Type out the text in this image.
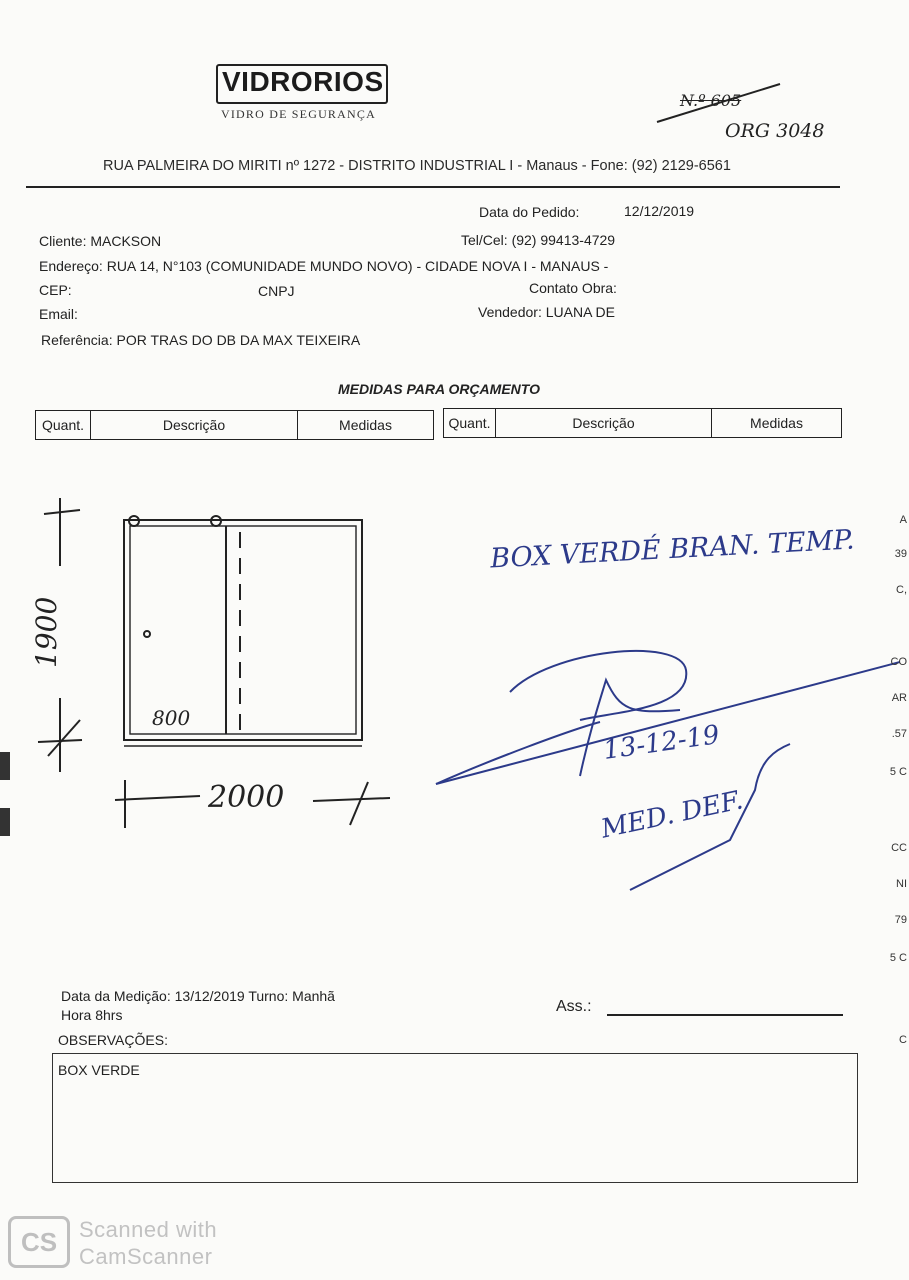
VIDRORIOS
VIDRO DE SEGURANÇA
N.º 605
ORG 3048
RUA PALMEIRA DO MIRITI nº 1272 - DISTRITO INDUSTRIAL I - Manaus - Fone: (92) 2129-6561
Data do Pedido:	12/12/2019
Cliente: MACKSON	Tel/Cel: (92) 99413-4729
Endereço: RUA 14, N°103 (COMUNIDADE MUNDO NOVO) - CIDADE NOVA I - MANAUS -
CEP:	CNPJ	Contato Obra:
Email:	Vendedor: LUANA DE
Referência: POR TRAS DO DB DA MAX TEIXEIRA
MEDIDAS PARA ORÇAMENTO
Quant.	Descrição	Medidas	Quant.	Descrição	Medidas
1900
2000
800
BOX VERDÉ BRAN. TEMP.
13-12-19
MED. DEF.
Data da Medição: 13/12/2019 Turno: Manhã
Hora 8hrs	Ass.:
OBSERVAÇÕES:
BOX VERDE
A
39
C,
CO
AR
.57
5 C
CC
NI
79
5 C
C
CS Scanned with
CamScanner
